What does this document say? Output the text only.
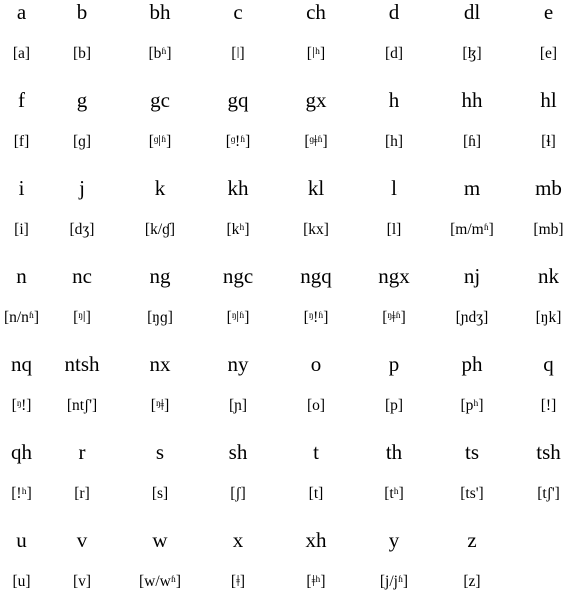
a	b	bh	c	ch	d	dl	e
[a]	[b]	[bʱ]	[ǀ]	[ǀʰ]	[d]	[ɮ]	[e]
f	g	gc	gq	gx	h	hh	hl
[f]	[ɡ]	[ᶢǀʱ]	[ᶢǃʱ]	[ᶢǂʱ]	[h]	[ɦ]	[ɬ]
i	j	k	kh	kl	l	m	mb
[i]	[dʒ]	[k/ɠ]	[kʰ]	[kx]	[l]	[m/mʱ]	[mb]
n	nc	ng	ngc	ngq	ngx	nj	nk
[n/nʱ]	[ᵑǀ]	[ŋɡ]	[ᵑǀʱ]	[ᵑǃʱ]	[ᵑǂʱ]	[ɲdʒ]	[ŋk]
nq	ntsh	nx	ny	o	p	ph	q
[ᵑǃ]	[ntʃ']	[ᵑǂ]	[ɲ]	[o]	[p]	[pʰ]	[ǃ]
qh	r	s	sh	t	th	ts	tsh
[ǃʰ]	[r]	[s]	[ʃ]	[t]	[tʰ]	[ts']	[tʃ']
u	v	w	x	xh	y	z
[u]	[v]	[w/wʱ]	[ǂ]	[ǂʰ]	[j/jʱ]	[z]
